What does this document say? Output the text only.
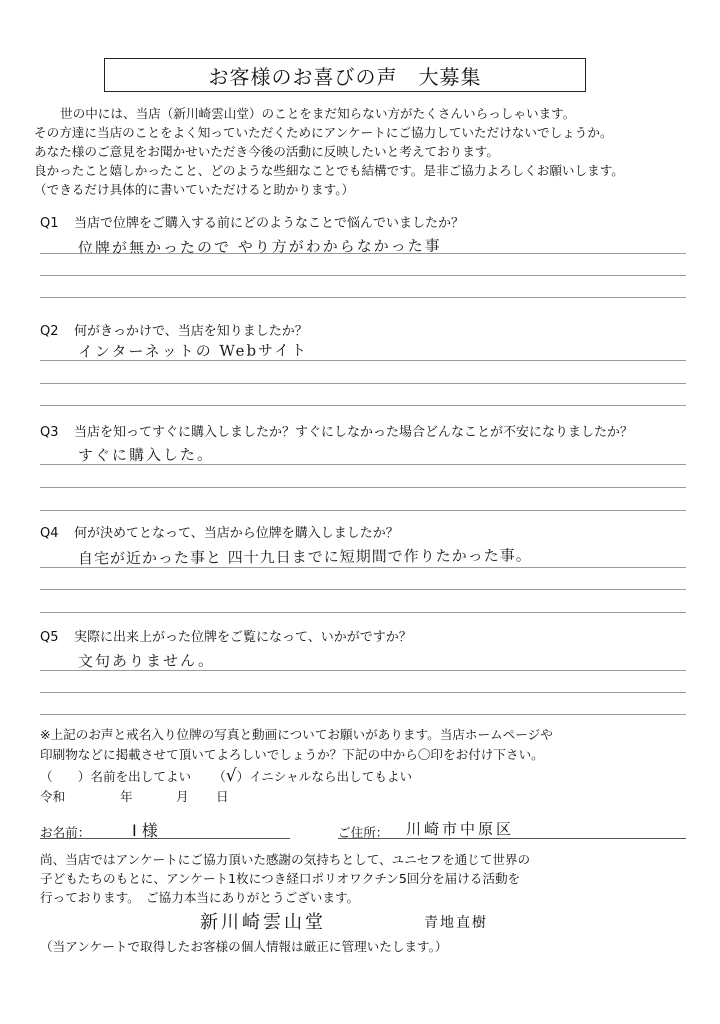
お客様のお喜びの声　大募集
世の中には、当店（新川崎雲山堂）のことをまだ知らない方がたくさんいらっしゃいます。
その方達に当店のことをよく知っていただくためにアンケートにご協力していただけないでしょうか。
あなた様のご意見をお聞かせいただき今後の活動に反映したいと考えております。
良かったこと嬉しかったこと、どのような些細なことでも結構です。是非ご協力よろしくお願いします。
（できるだけ具体的に書いていただけると助かります。）
Q1 当店で位牌をご購入する前にどのようなことで悩んでいましたか？
位牌が無かったので やり方がわからなかった事
Q2 何がきっかけで、当店を知りましたか？
インターネットの Webサイト
Q3 当店を知ってすぐに購入しましたか？すぐにしなかった場合どんなことが不安になりましたか？
すぐに購入した。
Q4 何が決めてとなって、当店から位牌を購入しましたか？
自宅が近かった事と 四十九日までに短期間で作りたかった事。
Q5 実際に出来上がった位牌をご覧になって、いかがですか？
文句ありません。
※上記のお声と戒名入り位牌の写真と動画についてお願いがあります。当店ホームページや
印刷物などに掲載させて頂いてよろしいでしょうか？下記の中から〇印をお付け下さい。
（　　）名前を出してよい （√）イニシャルなら出してもよい
令和	年	月 日
お名前：	I 様	ご住所： 川崎市中原区
尚、当店ではアンケートにご協力頂いた感謝の気持ちとして、ユニセフを通じて世界の
子どもたちのもとに、アンケート1枚につき経口ポリオワクチン5回分を届ける活動を
行っております。　ご協力本当にありがとうございます。
新川崎雲山堂	青地直樹
（当アンケートで取得したお客様の個人情報は厳正に管理いたします。）
